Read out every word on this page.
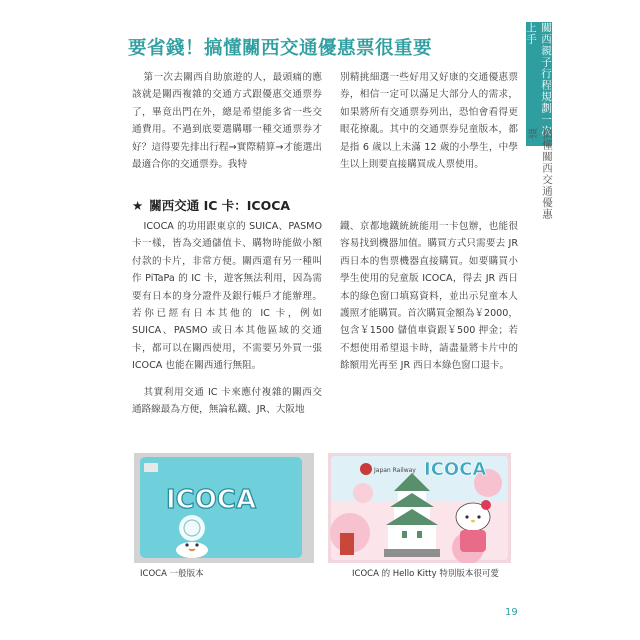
關西親子行程規劃一次上手
搞懂關西交通優惠票
要省錢！搞懂關西交通優惠票很重要

第一次去關西自助旅遊的人，最頭痛的應該就是關西複雜的交通方式跟優惠交通票券了，畢竟出門在外，總是希望能多省一些交通費用。不過到底要選購哪一種交通票券才好？這得要先排出行程→實際精算→才能選出最適合你的交通票券。我特

別精挑細選一些好用又好康的交通優惠票券，相信一定可以滿足大部分人的需求，如果將所有交通票券列出，恐怕會看得更眼花撩亂。其中的交通票券兒童版本，都是指 6 歲以上未滿 12 歲的小學生，中學生以上則要直接購買成人票使用。

★ 關西交通 IC 卡：ICOCA

ICOCA 的功用跟東京的 SUICA、PASMO 卡一樣，皆為交通儲值卡、購物時能做小額付款的卡片，非常方便。關西還有另一種叫作 PiTaPa 的 IC 卡，遊客無法利用，因為需要有日本的身分證件及銀行帳戶才能辦理。若你已經有日本其他的 IC 卡，例如 SUICA、PASMO 或日本其他區域的交通卡，都可以在關西使用，不需要另外買一張 ICOCA 也能在關西通行無阻。

其實利用交通 IC 卡來應付複雜的關西交通路線最為方便，無論私鐵、JR、大阪地

鐵、京都地鐵統統能用一卡包辦，也能很容易找到機器加值。購買方式只需要去 JR 西日本的售票機器直接購買。如要購買小學生使用的兒童版 ICOCA，得去 JR 西日本的綠色窗口填寫資料，並出示兒童本人護照才能購買。首次購買金額為￥2000，包含￥1500 儲值車資跟￥500 押金；若不想使用希望退卡時，請盡量將卡片中的餘額用光再至 JR 西日本綠色窗口退卡。

ICOCA
ICOCA
Japan Railway
ICOCA 一般版本	ICOCA 的 Hello Kitty 特別版本很可愛
19
